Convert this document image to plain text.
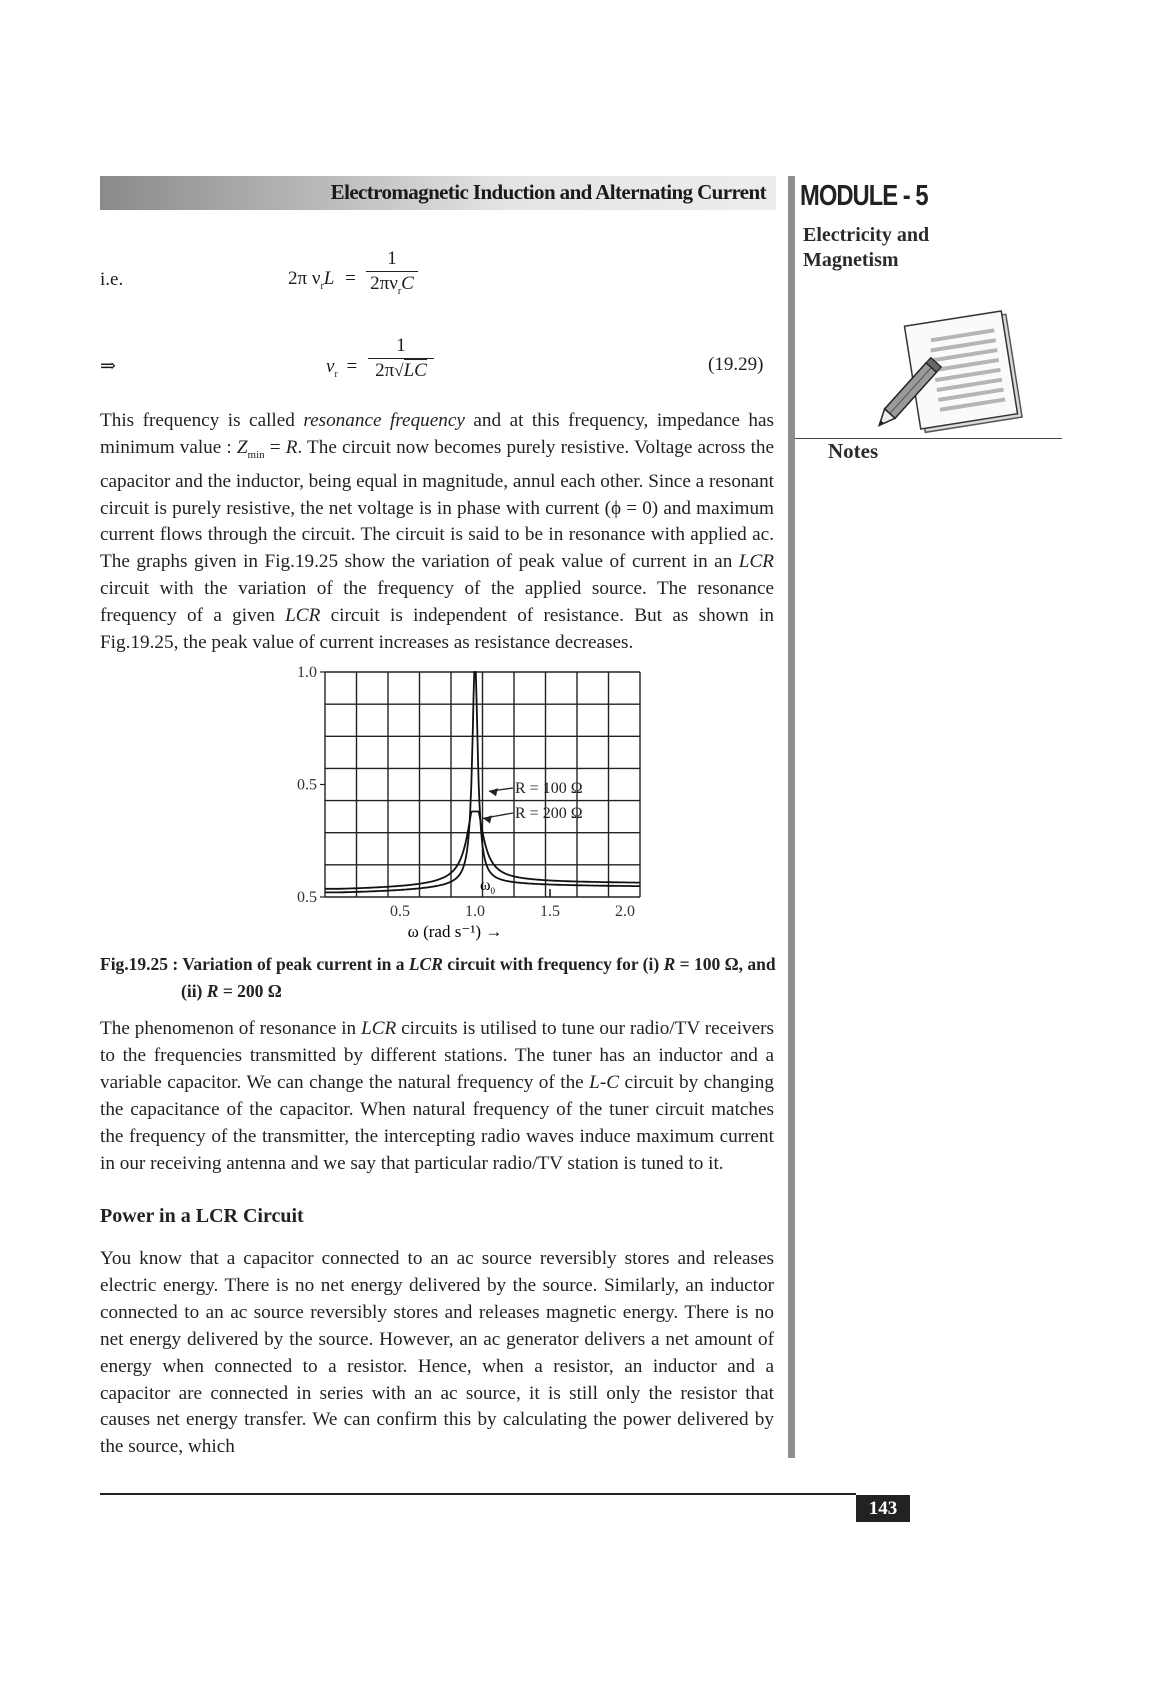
Electromagnetic Induction and Alternating Current MODULE - 5
Electricity and
Magnetism
Notes
i.e.	2π $\nu_rL$ =
1
$2\pi\nu_rC$
⇒	$\nu_r$ =
1
2π√LC	(19.29)
This frequency is called resonance frequency and at this frequency, impedance has minimum value : $Z_{min} = R$. The circuit now becomes purely resistive. Voltage across the capacitor and the inductor, being equal in magnitude, annul each other. Since a resonant circuit is purely resistive, the net voltage is in phase with current (ϕ = 0) and maximum current flows through the circuit. The circuit is said to be in resonance with applied ac. The graphs given in Fig.19.25 show the variation of peak value of current in an LCR circuit with the variation of the frequency of the applied source. The resonance frequency of a given LCR circuit is independent of resistance. But as shown in Fig.19.25, the peak value of current increases as resistance decreases.
R = 100 Ω
R = 200 Ω
1.0
0.5
0.5
0.5	1.0	1.5	2.0
ω (rad s⁻¹) →
$\omega_0$
Fig.19.25 : Variation of peak current in a LCR circuit with frequency for (i) R = 100 Ω, and
(ii) R = 200 Ω
The phenomenon of resonance in LCR circuits is utilised to tune our radio/TV receivers to the frequencies transmitted by different stations. The tuner has an inductor and a variable capacitor. We can change the natural frequency of the L-C circuit by changing the capacitance of the capacitor. When natural frequency of the tuner circuit matches the frequency of the transmitter, the intercepting radio waves induce maximum current in our receiving antenna and we say that particular radio/TV station is tuned to it.
Power in a LCR Circuit
You know that a capacitor connected to an ac source reversibly stores and releases electric energy. There is no net energy delivered by the source. Similarly, an inductor connected to an ac source reversibly stores and releases magnetic energy. There is no net energy delivered by the source. However, an ac generator delivers a net amount of energy when connected to a resistor. Hence, when a resistor, an inductor and a capacitor are connected in series with an ac source, it is still only the resistor that causes net energy transfer. We can confirm this by calculating the power delivered by the source, which
143
